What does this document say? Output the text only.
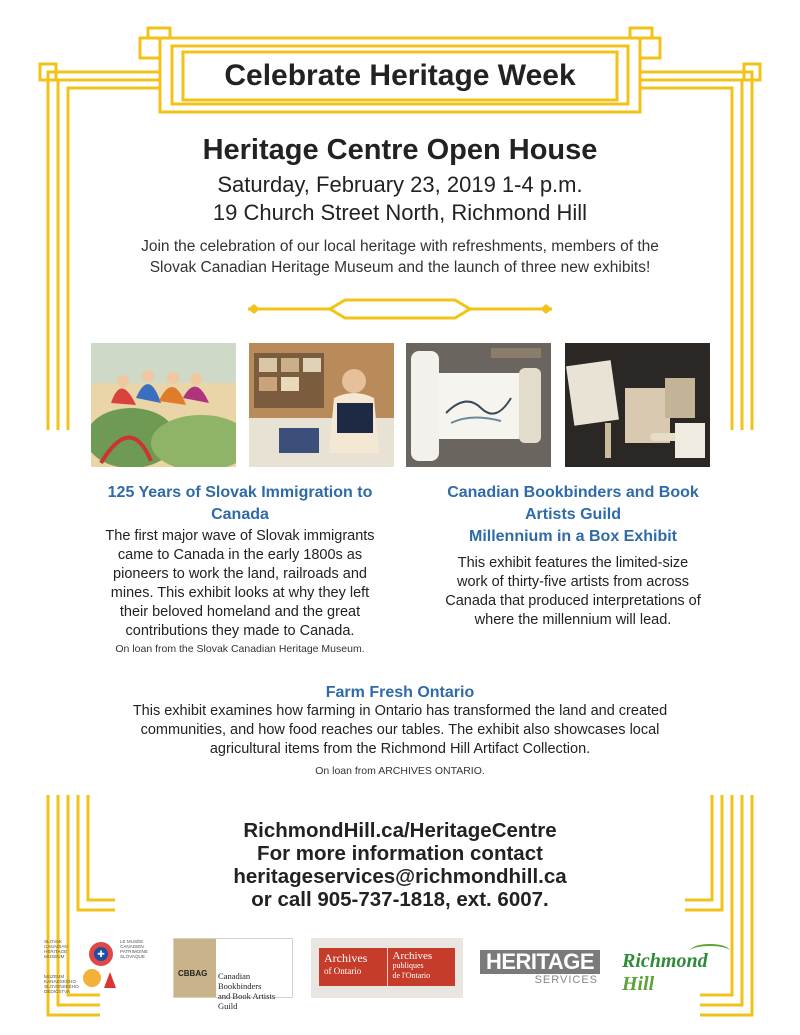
Celebrate Heritage Week
Heritage Centre Open House
Saturday, February 23, 2019 1-4 p.m.
19 Church Street North, Richmond Hill
Join the celebration of our local heritage with refreshments, members of the
Slovak Canadian Heritage Museum and the launch of three new exhibits!
125 Years of Slovak Immigration to
Canada
The first major wave of Slovak immigrants
came to Canada in the early 1800s as
pioneers to work the land, railroads and
mines. This exhibit looks at why they left
their beloved homeland and the great
contributions they made to Canada.
On loan from the Slovak Canadian Heritage Museum.
Canadian Bookbinders and Book
Artists Guild
Millennium in a Box Exhibit
This exhibit features the limited-size
work of thirty-five artists from across
Canada that produced interpretations of
where the millennium will lead.
Farm Fresh Ontario
This exhibit examines how farming in Ontario has transformed the land and created
communities, and how food reaches our tables. The exhibit also showcases local
agricultural items from the Richmond Hill Artifact Collection.
On loan from ARCHIVES ONTARIO.
RichmondHill.ca/HeritageCentre
For more information contact
heritageservices@richmondhill.ca
or call 905-737-1818, ext. 6007.
SLOVAK
CANADIAN
HERITAGE
MUSEUM
LE MUSÉE
CANADIEN
PATRIMOINE
SLOVAQUE
MÚZEUM
KANADSKÉHO
SLOVENSKÉHO
DEDIČSTVA
✚
CBBAG Canadian Bookbinders
and Book Artists Guild
Archives
of Ontario
Archives
publiques
de l'Ontario
HERITAGE
SERVICES
Richmond Hill
